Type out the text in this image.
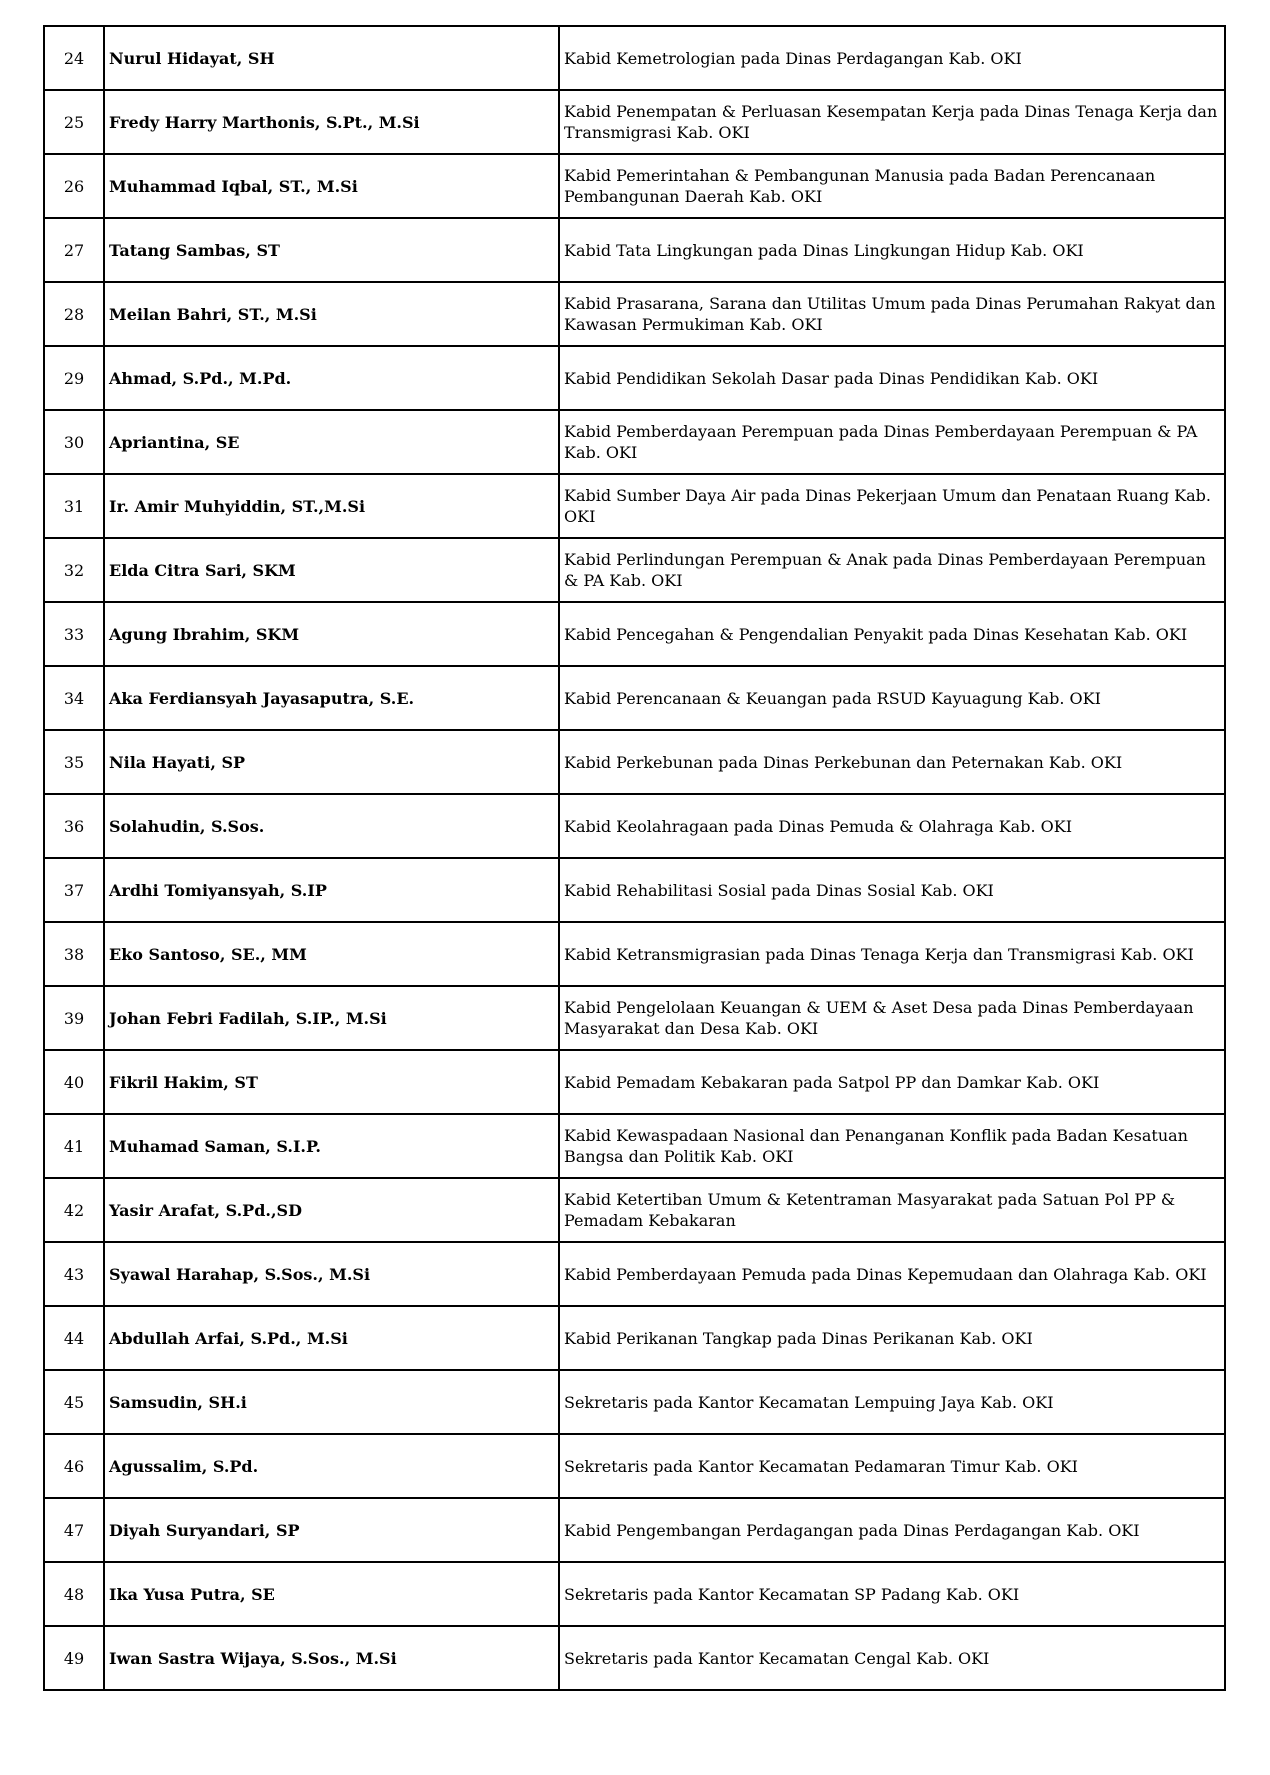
24	Nurul Hidayat, SH	Kabid Kemetrologian pada Dinas Perdagangan Kab. OKI
25	Fredy Harry Marthonis, S.Pt., M.Si	Kabid Penempatan & Perluasan Kesempatan Kerja pada Dinas Tenaga Kerja dan Transmigrasi Kab. OKI
26	Muhammad Iqbal, ST., M.Si	Kabid Pemerintahan & Pembangunan Manusia pada Badan Perencanaan Pembangunan Daerah Kab. OKI
27	Tatang Sambas, ST	Kabid Tata Lingkungan pada Dinas Lingkungan Hidup Kab. OKI
28	Meilan Bahri, ST., M.Si	Kabid Prasarana, Sarana dan Utilitas Umum pada Dinas Perumahan Rakyat dan Kawasan Permukiman Kab. OKI
29	Ahmad, S.Pd., M.Pd.	Kabid Pendidikan Sekolah Dasar pada Dinas Pendidikan Kab. OKI
30	Apriantina, SE	Kabid Pemberdayaan Perempuan pada Dinas Pemberdayaan Perempuan & PA Kab. OKI
31	Ir. Amir Muhyiddin, ST.,M.Si	Kabid Sumber Daya Air pada Dinas Pekerjaan Umum dan Penataan Ruang Kab. OKI
32	Elda Citra Sari, SKM	Kabid Perlindungan Perempuan & Anak pada Dinas Pemberdayaan Perempuan & PA Kab. OKI
33	Agung Ibrahim, SKM	Kabid Pencegahan & Pengendalian Penyakit pada Dinas Kesehatan Kab. OKI
34	Aka Ferdiansyah Jayasaputra, S.E.	Kabid Perencanaan & Keuangan pada RSUD Kayuagung Kab. OKI
35	Nila Hayati, SP	Kabid Perkebunan pada Dinas Perkebunan dan Peternakan Kab. OKI
36	Solahudin, S.Sos.	Kabid Keolahragaan pada Dinas Pemuda & Olahraga Kab. OKI
37	Ardhi Tomiyansyah, S.IP	Kabid Rehabilitasi Sosial pada Dinas Sosial Kab. OKI
38	Eko Santoso, SE., MM	Kabid Ketransmigrasian pada Dinas Tenaga Kerja dan Transmigrasi Kab. OKI
39	Johan Febri Fadilah, S.IP., M.Si	Kabid Pengelolaan Keuangan & UEM & Aset Desa pada Dinas Pemberdayaan Masyarakat dan Desa Kab. OKI
40	Fikril Hakim, ST	Kabid Pemadam Kebakaran pada Satpol PP dan Damkar Kab. OKI
41	Muhamad Saman, S.I.P.	Kabid Kewaspadaan Nasional dan Penanganan Konflik pada Badan Kesatuan Bangsa dan Politik Kab. OKI
42	Yasir Arafat, S.Pd.,SD	Kabid Ketertiban Umum & Ketentraman Masyarakat pada Satuan Pol PP & Pemadam Kebakaran
43	Syawal Harahap, S.Sos., M.Si	Kabid Pemberdayaan Pemuda pada Dinas Kepemudaan dan Olahraga Kab. OKI
44	Abdullah Arfai, S.Pd., M.Si	Kabid Perikanan Tangkap pada Dinas Perikanan Kab. OKI
45	Samsudin, SH.i	Sekretaris pada Kantor Kecamatan Lempuing Jaya Kab. OKI
46	Agussalim, S.Pd.	Sekretaris pada Kantor Kecamatan Pedamaran Timur Kab. OKI
47	Diyah Suryandari, SP	Kabid Pengembangan Perdagangan pada Dinas Perdagangan Kab. OKI
48	Ika Yusa Putra, SE	Sekretaris pada Kantor Kecamatan SP Padang Kab. OKI
49	Iwan Sastra Wijaya, S.Sos., M.Si	Sekretaris pada Kantor Kecamatan Cengal Kab. OKI
